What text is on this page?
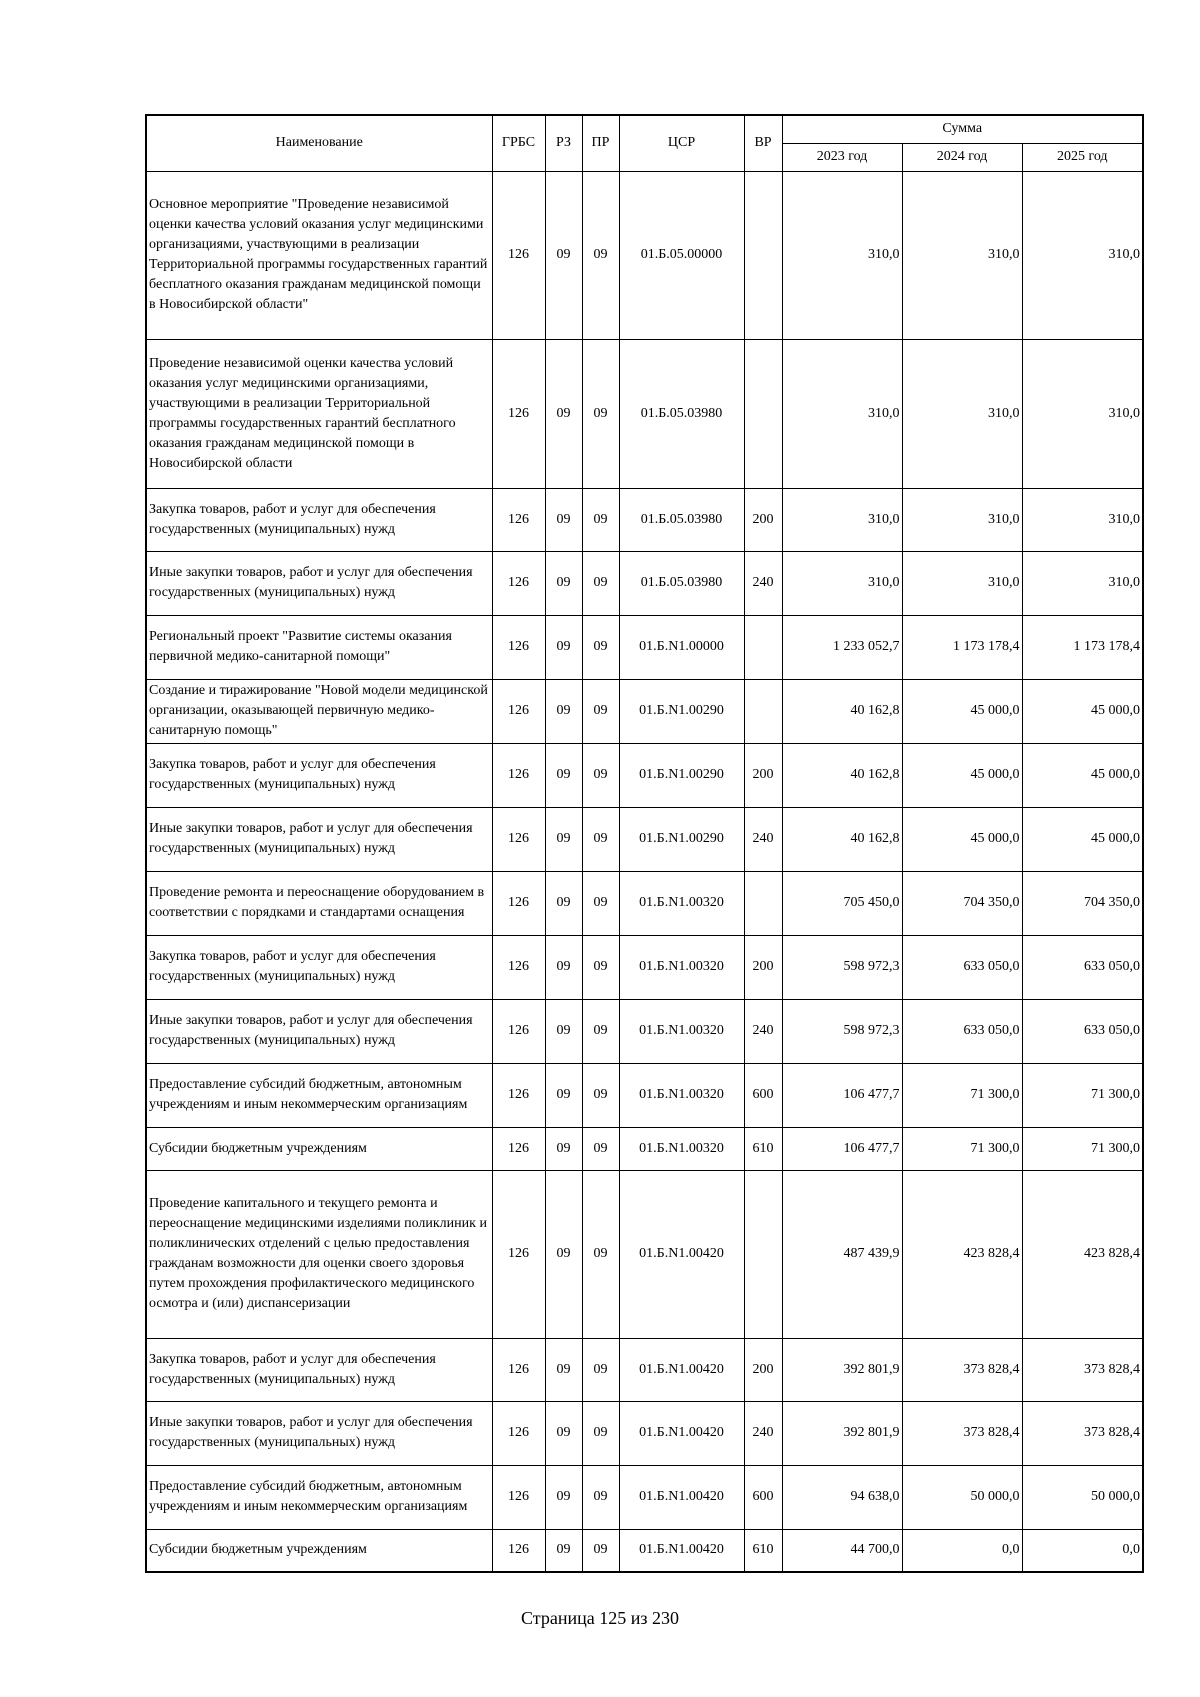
Наименование	ГРБС	РЗ	ПР	ЦСР	ВР	Сумма		
						2023 год	2024 год	2025 год
Основное мероприятие "Проведение независимой оценки качества условий оказания услуг медицинскими организациями, участвующими в реализации Территориальной программы государственных гарантий бесплатного оказания гражданам медицинской помощи в Новосибирской области"	126	09	09	01.Б.05.00000		310,0	310,0	310,0
Проведение независимой оценки качества условий оказания услуг медицинскими организациями, участвующими в реализации Территориальной программы государственных гарантий бесплатного оказания гражданам медицинской помощи в Новосибирской области	126	09	09	01.Б.05.03980		310,0	310,0	310,0
Закупка товаров, работ и услуг для обеспечения государственных (муниципальных) нужд	126	09	09	01.Б.05.03980	200	310,0	310,0	310,0
Иные закупки товаров, работ и услуг для обеспечения государственных (муниципальных) нужд	126	09	09	01.Б.05.03980	240	310,0	310,0	310,0
Региональный проект "Развитие системы оказания первичной медико-санитарной помощи"	126	09	09	01.Б.N1.00000		1 233 052,7	1 173 178,4	1 173 178,4
Создание и тиражирование "Новой модели медицинской организации, оказывающей первичную медико-санитарную помощь"	126	09	09	01.Б.N1.00290		40 162,8	45 000,0	45 000,0
Закупка товаров, работ и услуг для обеспечения государственных (муниципальных) нужд	126	09	09	01.Б.N1.00290	200	40 162,8	45 000,0	45 000,0
Иные закупки товаров, работ и услуг для обеспечения государственных (муниципальных) нужд	126	09	09	01.Б.N1.00290	240	40 162,8	45 000,0	45 000,0
Проведение ремонта и переоснащение оборудованием в соответствии с порядками и стандартами оснащения	126	09	09	01.Б.N1.00320		705 450,0	704 350,0	704 350,0
Закупка товаров, работ и услуг для обеспечения государственных (муниципальных) нужд	126	09	09	01.Б.N1.00320	200	598 972,3	633 050,0	633 050,0
Иные закупки товаров, работ и услуг для обеспечения государственных (муниципальных) нужд	126	09	09	01.Б.N1.00320	240	598 972,3	633 050,0	633 050,0
Предоставление субсидий бюджетным, автономным учреждениям и иным некоммерческим организациям	126	09	09	01.Б.N1.00320	600	106 477,7	71 300,0	71 300,0
Субсидии бюджетным учреждениям	126	09	09	01.Б.N1.00320	610	106 477,7	71 300,0	71 300,0
Проведение капитального и текущего ремонта и переоснащение медицинскими изделиями поликлиник и поликлинических отделений с целью предоставления гражданам возможности для оценки своего здоровья путем прохождения профилактического медицинского осмотра и (или) диспансеризации	126	09	09	01.Б.N1.00420		487 439,9	423 828,4	423 828,4
Закупка товаров, работ и услуг для обеспечения государственных (муниципальных) нужд	126	09	09	01.Б.N1.00420	200	392 801,9	373 828,4	373 828,4
Иные закупки товаров, работ и услуг для обеспечения государственных (муниципальных) нужд	126	09	09	01.Б.N1.00420	240	392 801,9	373 828,4	373 828,4
Предоставление субсидий бюджетным, автономным учреждениям и иным некоммерческим организациям	126	09	09	01.Б.N1.00420	600	94 638,0	50 000,0	50 000,0
Субсидии бюджетным учреждениям	126	09	09	01.Б.N1.00420	610	44 700,0	0,0	0,0
Страница 125 из 230
